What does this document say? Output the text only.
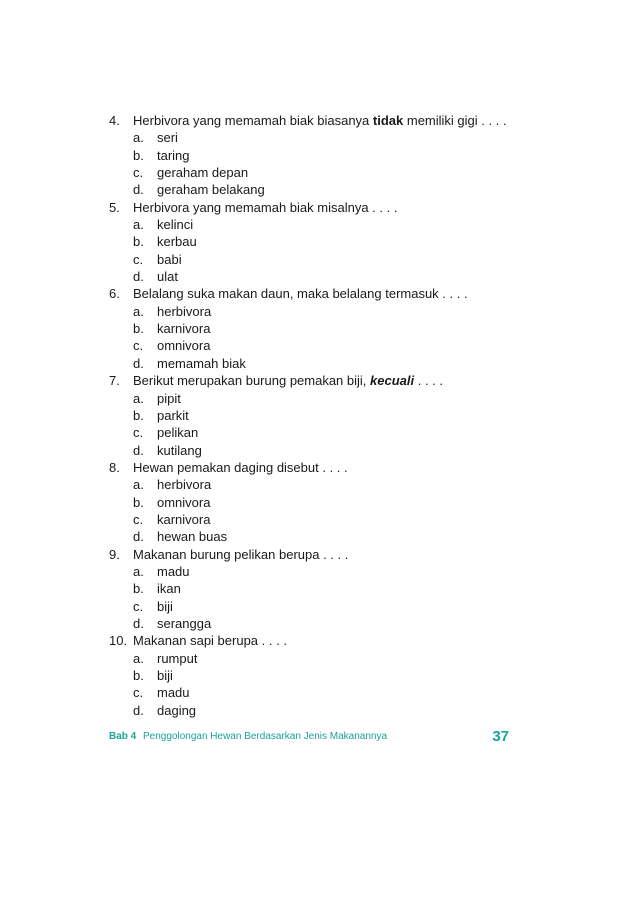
4. Herbivora yang memamah biak biasanya tidak memiliki gigi . . . .
a. seri
b. taring
c. geraham depan
d. geraham belakang
5. Herbivora yang memamah biak misalnya . . . .
a. kelinci
b. kerbau
c. babi
d. ulat
6. Belalang suka makan daun, maka belalang termasuk . . . .
a. herbivora
b. karnivora
c. omnivora
d. memamah biak
7. Berikut merupakan burung pemakan biji, kecuali . . . .
a. pipit
b. parkit
c. pelikan
d. kutilang
8. Hewan pemakan daging disebut . . . .
a. herbivora
b. omnivora
c. karnivora
d. hewan buas
9. Makanan burung pelikan berupa . . . .
a. madu
b. ikan
c. biji
d. serangga
10. Makanan sapi berupa . . . .
a. rumput
b. biji
c. madu
d. daging
Bab 4 Penggolongan Hewan Berdasarkan Jenis Makanannya	37
